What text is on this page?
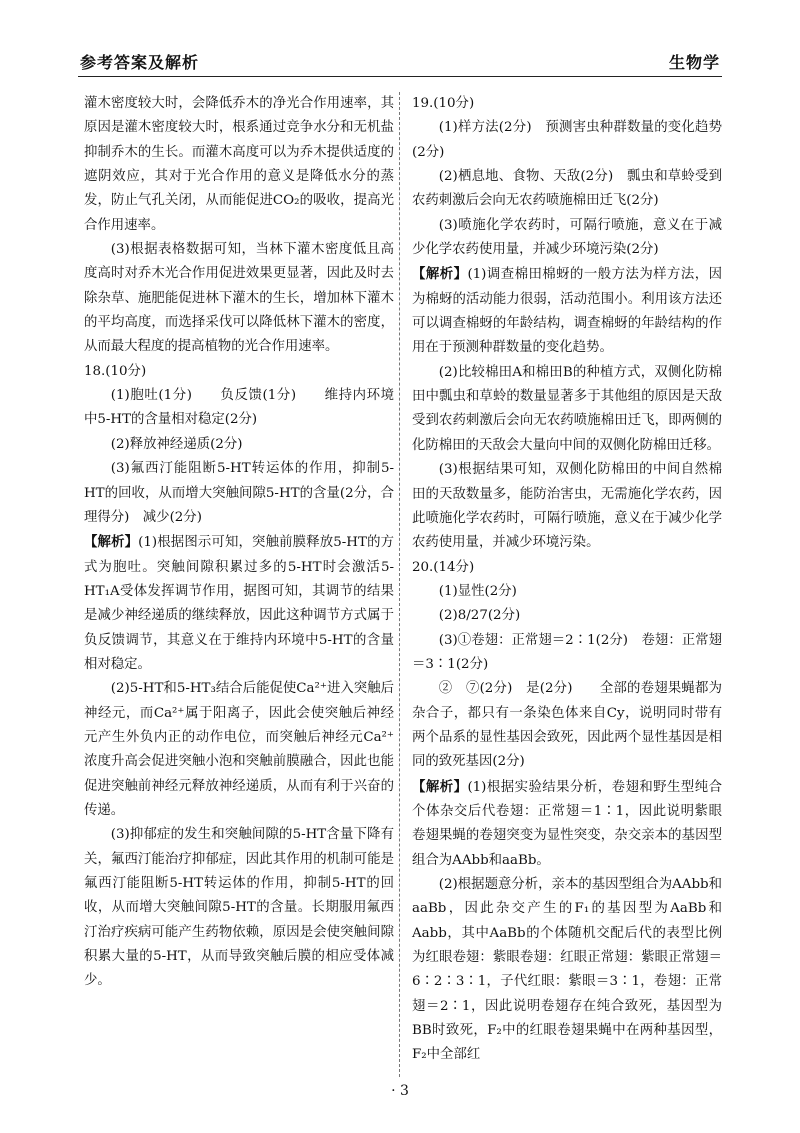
参考答案及解析	生物学

灌木密度较大时，会降低乔木的净光合作用速率，其原因是灌木密度较大时，根系通过竞争水分和无机盐抑制乔木的生长。而灌木高度可以为乔木提供适度的遮阴效应，其对于光合作用的意义是降低水分的蒸发，防止气孔关闭，从而能促进CO₂的吸收，提高光合作用速率。

(3)根据表格数据可知，当林下灌木密度低且高度高时对乔木光合作用促进效果更显著，因此及时去除杂草、施肥能促进林下灌木的生长，增加林下灌木的平均高度，而选择采伐可以降低林下灌木的密度，从而最大程度的提高植物的光合作用速率。

18.(10分)

(1)胞吐(1分)　　负反馈(1分)　　维持内环境中5-HT的含量相对稳定(2分)

(2)释放神经递质(2分)

(3)氟西汀能阻断5-HT转运体的作用，抑制5-HT的回收，从而增大突触间隙5-HT的含量(2分，合理得分)　减少(2分)

【解析】(1)根据图示可知，突触前膜释放5-HT的方式为胞吐。突触间隙积累过多的5-HT时会激活5-HT₁A受体发挥调节作用，据图可知，其调节的结果是减少神经递质的继续释放，因此这种调节方式属于负反馈调节，其意义在于维持内环境中5-HT的含量相对稳定。

(2)5-HT和5-HT₃结合后能促使Ca²⁺进入突触后神经元，而Ca²⁺属于阳离子，因此会使突触后神经元产生外负内正的动作电位，而突触后神经元Ca²⁺浓度升高会促进突触小泡和突触前膜融合，因此也能促进突触前神经元释放神经递质，从而有利于兴奋的传递。

(3)抑郁症的发生和突触间隙的5-HT含量下降有关，氟西汀能治疗抑郁症，因此其作用的机制可能是氟西汀能阻断5-HT转运体的作用，抑制5-HT的回收，从而增大突触间隙5-HT的含量。长期服用氟西汀治疗疾病可能产生药物依赖，原因是会使突触间隙积累大量的5-HT，从而导致突触后膜的相应受体减少。

19.(10分)

(1)样方法(2分)　预测害虫种群数量的变化趋势(2分)

(2)栖息地、食物、天敌(2分)　瓢虫和草蛉受到农药刺激后会向无农药喷施棉田迁飞(2分)

(3)喷施化学农药时，可隔行喷施，意义在于减少化学农药使用量，并减少环境污染(2分)

【解析】(1)调查棉田棉蚜的一般方法为样方法，因为棉蚜的活动能力很弱，活动范围小。利用该方法还可以调查棉蚜的年龄结构，调查棉蚜的年龄结构的作用在于预测种群数量的变化趋势。

(2)比较棉田A和棉田B的种植方式，双侧化防棉田中瓢虫和草蛉的数量显著多于其他组的原因是天敌受到农药刺激后会向无农药喷施棉田迁飞，即两侧的化防棉田的天敌会大量向中间的双侧化防棉田迁移。

(3)根据结果可知，双侧化防棉田的中间自然棉田的天敌数量多，能防治害虫，无需施化学农药，因此喷施化学农药时，可隔行喷施，意义在于减少化学农药使用量，并减少环境污染。

20.(14分)

(1)显性(2分)

(2)8/27(2分)

(3)①卷翅：正常翅＝2∶1(2分)　卷翅：正常翅＝3∶1(2分)

②　⑦(2分)　是(2分)　　全部的卷翅果蝇都为杂合子，都只有一条染色体来自Cy，说明同时带有两个品系的显性基因会致死，因此两个显性基因是相同的致死基因(2分)

【解析】(1)根据实验结果分析，卷翅和野生型纯合个体杂交后代卷翅：正常翅＝1∶1，因此说明紫眼卷翅果蝇的卷翅突变为显性突变，杂交亲本的基因型组合为AAbb和aaBb。

(2)根据题意分析，亲本的基因型组合为AAbb和aaBb，因此杂交产生的F₁的基因型为AaBb和Aabb，其中AaBb的个体随机交配后代的表型比例为红眼卷翅：紫眼卷翅：红眼正常翅：紫眼正常翅＝6∶2∶3∶1，子代红眼：紫眼＝3∶1，卷翅：正常翅＝2∶1，因此说明卷翅存在纯合致死，基因型为BB时致死，F₂中的红眼卷翅果蝇中在两种基因型，F₂中全部红

· 3
